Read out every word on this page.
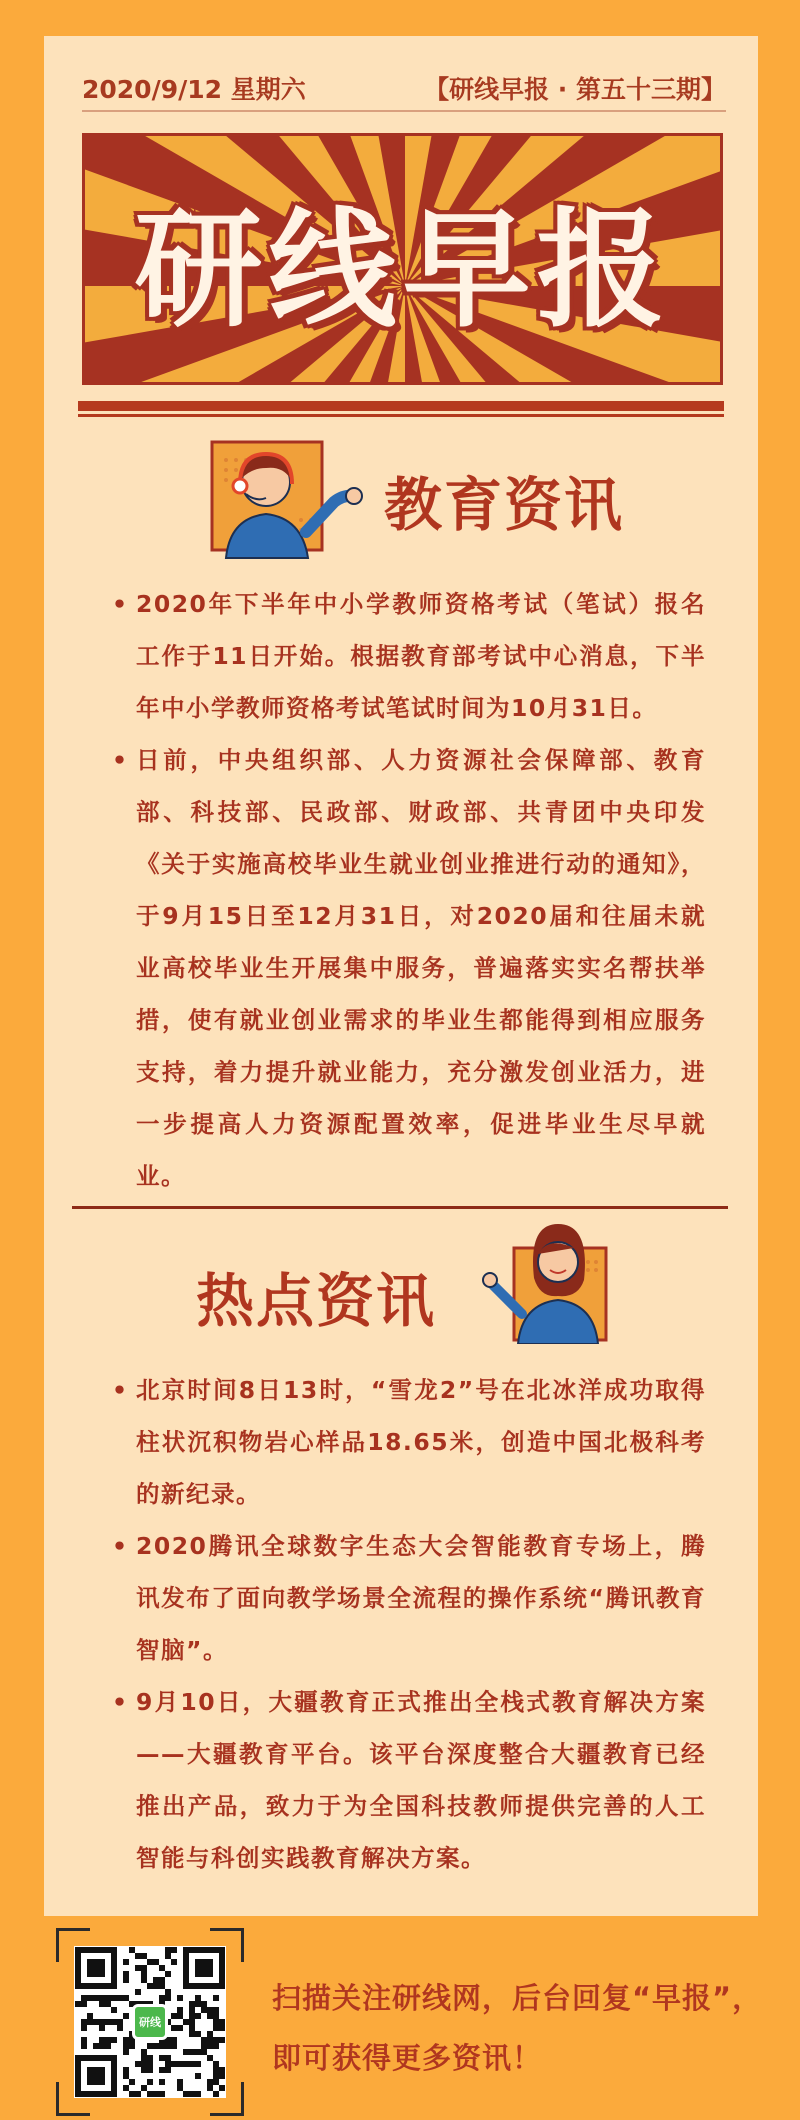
2020/9/12 星期六	【研线早报 · 第五十三期】
研线早报
教育资讯
• 2020年下半年中小学教师资格考试（笔试）报名工作于11日开始。根据教育部考试中心消息，下半年中小学教师资格考试笔试时间为10月31日。
• 日前，中央组织部、人力资源社会保障部、教育部、科技部、民政部、财政部、共青团中央印发《关于实施高校毕业生就业创业推进行动的通知》，于9月15日至12月31日，对2020届和往届未就业高校毕业生开展集中服务，普遍落实实名帮扶举措，使有就业创业需求的毕业生都能得到相应服务支持，着力提升就业能力，充分激发创业活力，进一步提高人力资源配置效率，促进毕业生尽早就业。
热点资讯
• 北京时间8日13时，“雪龙2”号在北冰洋成功取得柱状沉积物岩心样品18.65米，创造中国北极科考的新纪录。
• 2020腾讯全球数字生态大会智能教育专场上，腾讯发布了面向教学场景全流程的操作系统“腾讯教育智脑”。
• 9月10日，大疆教育正式推出全栈式教育解决方案——大疆教育平台。该平台深度整合大疆教育已经推出产品，致力于为全国科技教师提供完善的人工智能与科创实践教育解决方案。
研线
扫描关注研线网，后台回复“早报”，
即可获得更多资讯！
